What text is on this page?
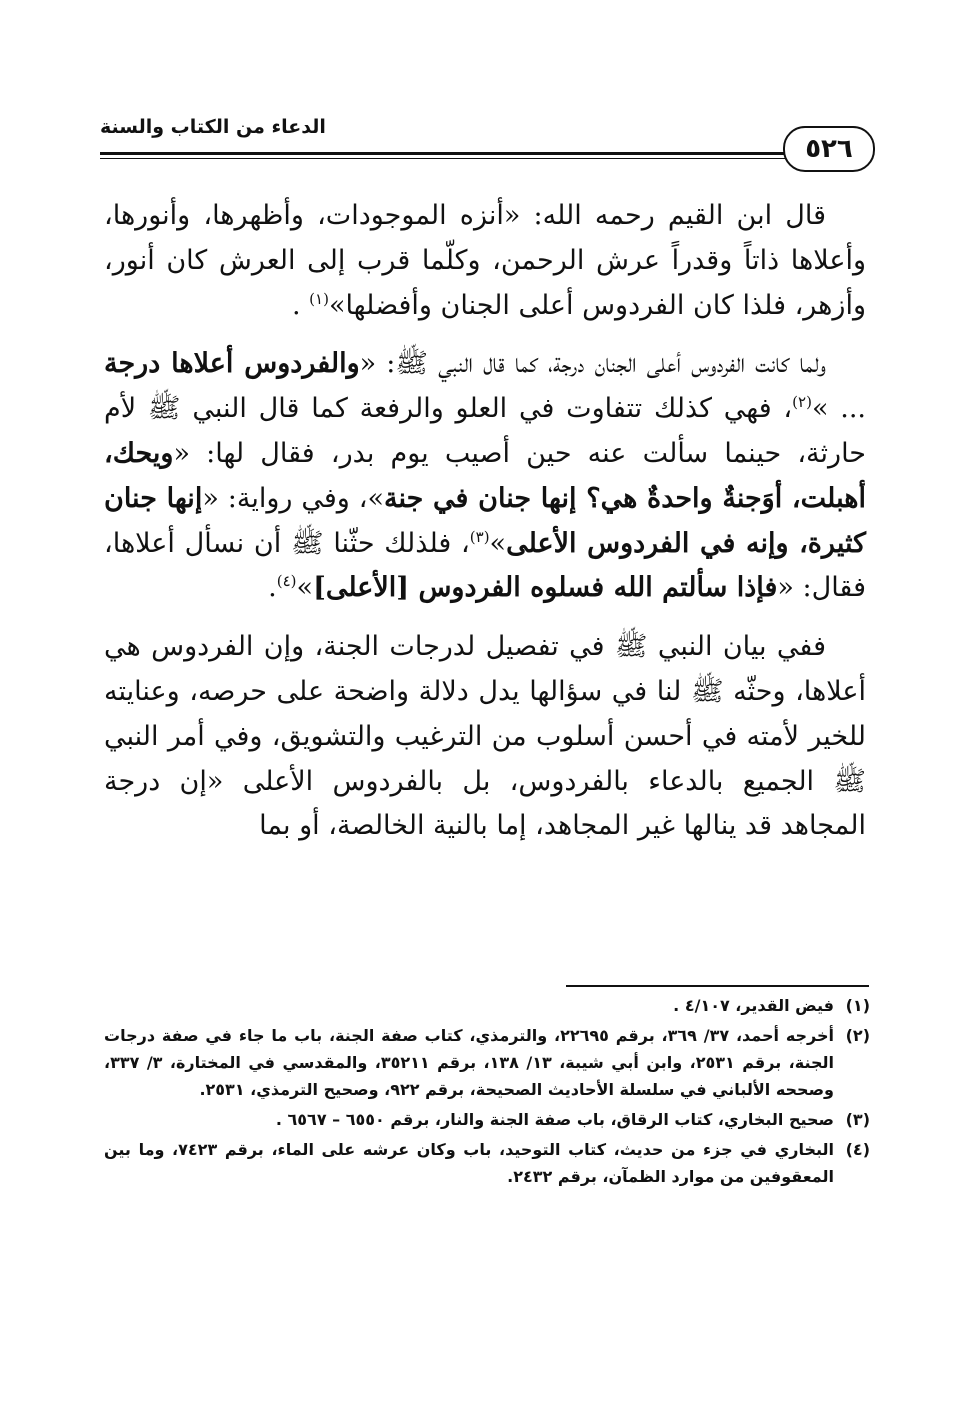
الدعاء من الكتاب والسنة
٥٢٦

قال ابن القيم رحمه الله: «أنزه الموجودات، وأظهرها، وأنورها، وأعلاها ذاتاً وقدراً عرش الرحمن، وكلّما قرب إلى العرش كان أنور، وأزهر، فلذا كان الفردوس أعلى الجنان وأفضلها»$^{(١)}$ .

ولما كانت الفردوس أعلى الجنان درجة، كما قال النبي ﷺ: «والفردوس أعلاها درجة ... »$^{(٢)}$، فهي كذلك تتفاوت في العلو والرفعة كما قال النبي ﷺ لأم حارثة، حينما سألت عنه حين أصيب يوم بدر، فقال لها: «ويحك، أهبلت، أوَجنةٌ واحدةٌ هي؟ إنها جنان في جنة»، وفي رواية: «إنها جنان كثيرة، وإنه في الفردوس الأعلى»$^{(٣)}$، فلذلك حثّنا ﷺ أن نسأل أعلاها، فقال: «فإذا سألتم الله فسلوه الفردوس [الأعلى]»$^{(٤)}$.

ففي بيان النبي ﷺ في تفصيل لدرجات الجنة، وإن الفردوس هي أعلاها، وحثّه ﷺ لنا في سؤالها يدل دلالة واضحة على حرصه، وعنايته للخير لأمته في أحسن أسلوب من الترغيب والتشويق، وفي أمر النبي ﷺ الجميع بالدعاء بالفردوس، بل بالفردوس الأعلى «إن درجة المجاهد قد ينالها غير المجاهد، إما بالنية الخالصة، أو بما

(١)
فيض القدير، ٤/١٠٧ .
(٢)
أخرجه أحمد، ٣٧/ ٣٦٩، برقم ٢٢٦٩٥، والترمذي، كتاب صفة الجنة، باب ما جاء في صفة درجات الجنة، برقم ٢٥٣١، وابن أبي شيبة، ١٣/ ١٣٨، برقم ٣٥٢١١، والمقدسي في المختارة، ٣/ ٣٣٧، وصححه الألباني في سلسلة الأحاديث الصحيحة، برقم ٩٢٢، وصحيح الترمذي، ٢٥٣١.
(٣)
صحيح البخاري، كتاب الرقاق، باب صفة الجنة والنار، برقم ٦٥٥٠ – ٦٥٦٧ .
(٤)
البخاري في جزء من حديث، كتاب التوحيد، باب وكان عرشه على الماء، برقم ٧٤٢٣، وما بين المعقوفين من موارد الظمآن، برقم ٢٤٣٢.
